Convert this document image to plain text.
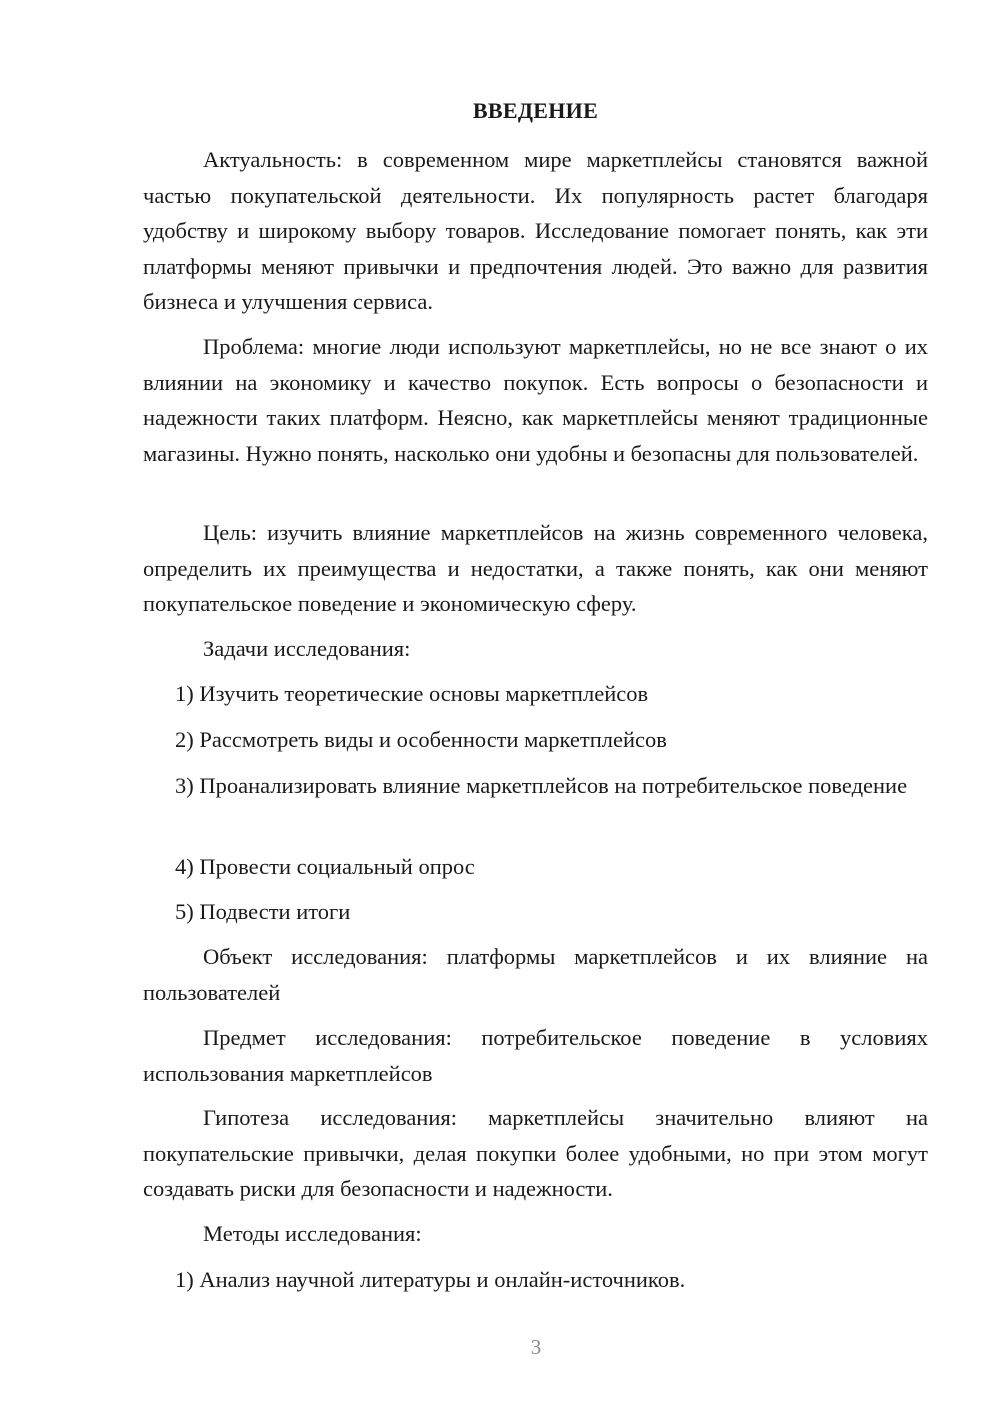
ВВЕДЕНИЕ

Актуальность: в современном мире маркетплейсы становятся важной частью покупательской деятельности. Их популярность растет благодаря удобству и широкому выбору товаров. Исследование помогает понять, как эти платформы меняют привычки и предпочтения людей. Это важно для развития бизнеса и улучшения сервиса.

Проблема: многие люди используют маркетплейсы, но не все знают о их влиянии на экономику и качество покупок. Есть вопросы о безопасности и надежности таких платформ. Неясно, как маркетплейсы меняют традиционные магазины. Нужно понять, насколько они удобны и безопасны для пользователей.

Цель: изучить влияние маркетплейсов на жизнь современного человека, определить их преимущества и недостатки, а также понять, как они меняют покупательское поведение и экономическую сферу.

Задачи исследования:

1) Изучить теоретические основы маркетплейсов

2) Рассмотреть виды и особенности маркетплейсов

3) Проанализировать влияние маркетплейсов на потребительское поведение

4) Провести социальный опрос

5) Подвести итоги

Объект исследования: платформы маркетплейсов и их влияние на пользователей

Предмет исследования: потребительское поведение в условиях использования маркетплейсов

Гипотеза исследования: маркетплейсы значительно влияют на покупательские привычки, делая покупки более удобными, но при этом могут создавать риски для безопасности и надежности.

Методы исследования:

1) Анализ научной литературы и онлайн-источников.

3
